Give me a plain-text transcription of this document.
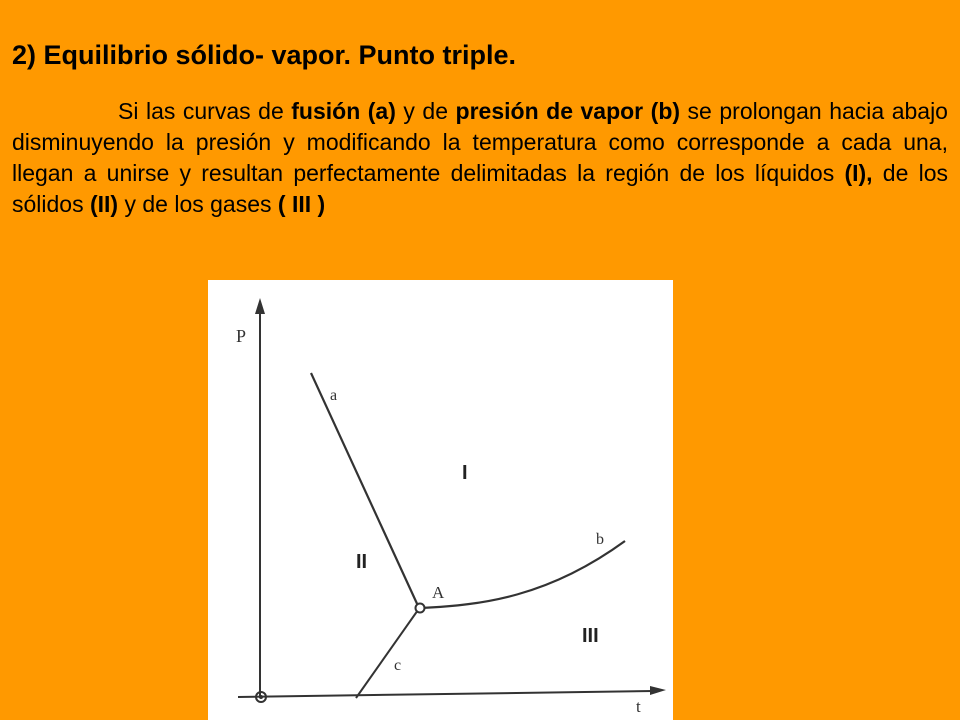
2) Equilibrio sólido- vapor. Punto triple.
Si las curvas de fusión (a) y de presión de vapor (b) se prolongan hacia abajo disminuyendo la presión y modificando la temperatura como corresponde a cada una, llegan a unirse y resultan perfectamente delimitadas la región de los líquidos (I), de los sólidos (II) y de los gases ( III )
P
t
a
b
c
A
I
II
III
